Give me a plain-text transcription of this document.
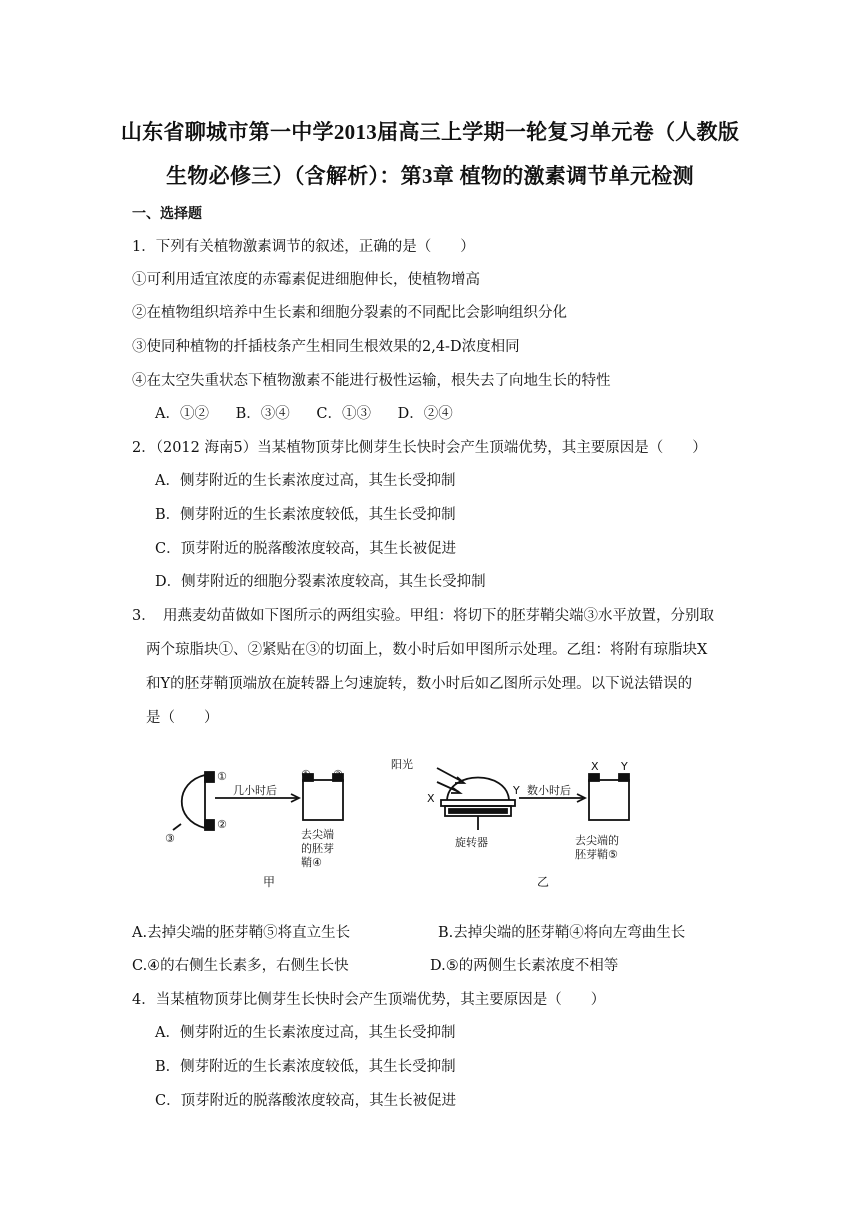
山东省聊城市第一中学2013届高三上学期一轮复习单元卷（人教版
生物必修三）（含解析）：第3章 植物的激素调节单元检测
一、选择题
1．下列有关植物激素调节的叙述，正确的是（　　）
①可利用适宜浓度的赤霉素促进细胞伸长，使植物增高
②在植物组织培养中生长素和细胞分裂素的不同配比会影响组织分化
③使同种植物的扦插枝条产生相同生根效果的2,4-D浓度相同
④在太空失重状态下植物激素不能进行极性运输，根失去了向地生长的特性
A．①② B．③④ C．①③ D．②④
2．（2012 海南5）当某植物顶芽比侧芽生长快时会产生顶端优势，其主要原因是（　　）
A．侧芽附近的生长素浓度过高，其生长受抑制
B．侧芽附近的生长素浓度较低，其生长受抑制
C．顶芽附近的脱落酸浓度较高，其生长被促进
D．侧芽附近的细胞分裂素浓度较高，其生长受抑制
3．　用燕麦幼苗做如下图所示的两组实验。甲组：将切下的胚芽鞘尖端③水平放置，分别取
两个琼脂块①、②紧贴在③的切面上，数小时后如甲图所示处理。乙组：将附有琼脂块X
和Y的胚芽鞘顶端放在旋转器上匀速旋转，数小时后如乙图所示处理。以下说法错误的
是（　　）
①
②
③
几小时后
① ②
去尖端
的胚芽
鞘④
甲
阳光
X
Y 数小时后
旋转器
X Y
去尖端的
胚芽鞘⑤
乙
A.去掉尖端的胚芽鞘⑤将直立生长	B.去掉尖端的胚芽鞘④将向左弯曲生长
C.④的右侧生长素多，右侧生长快	D.⑤的两侧生长素浓度不相等
4．当某植物顶芽比侧芽生长快时会产生顶端优势，其主要原因是（　　）
A．侧芽附近的生长素浓度过高，其生长受抑制
B．侧芽附近的生长素浓度较低，其生长受抑制
C．顶芽附近的脱落酸浓度较高，其生长被促进
